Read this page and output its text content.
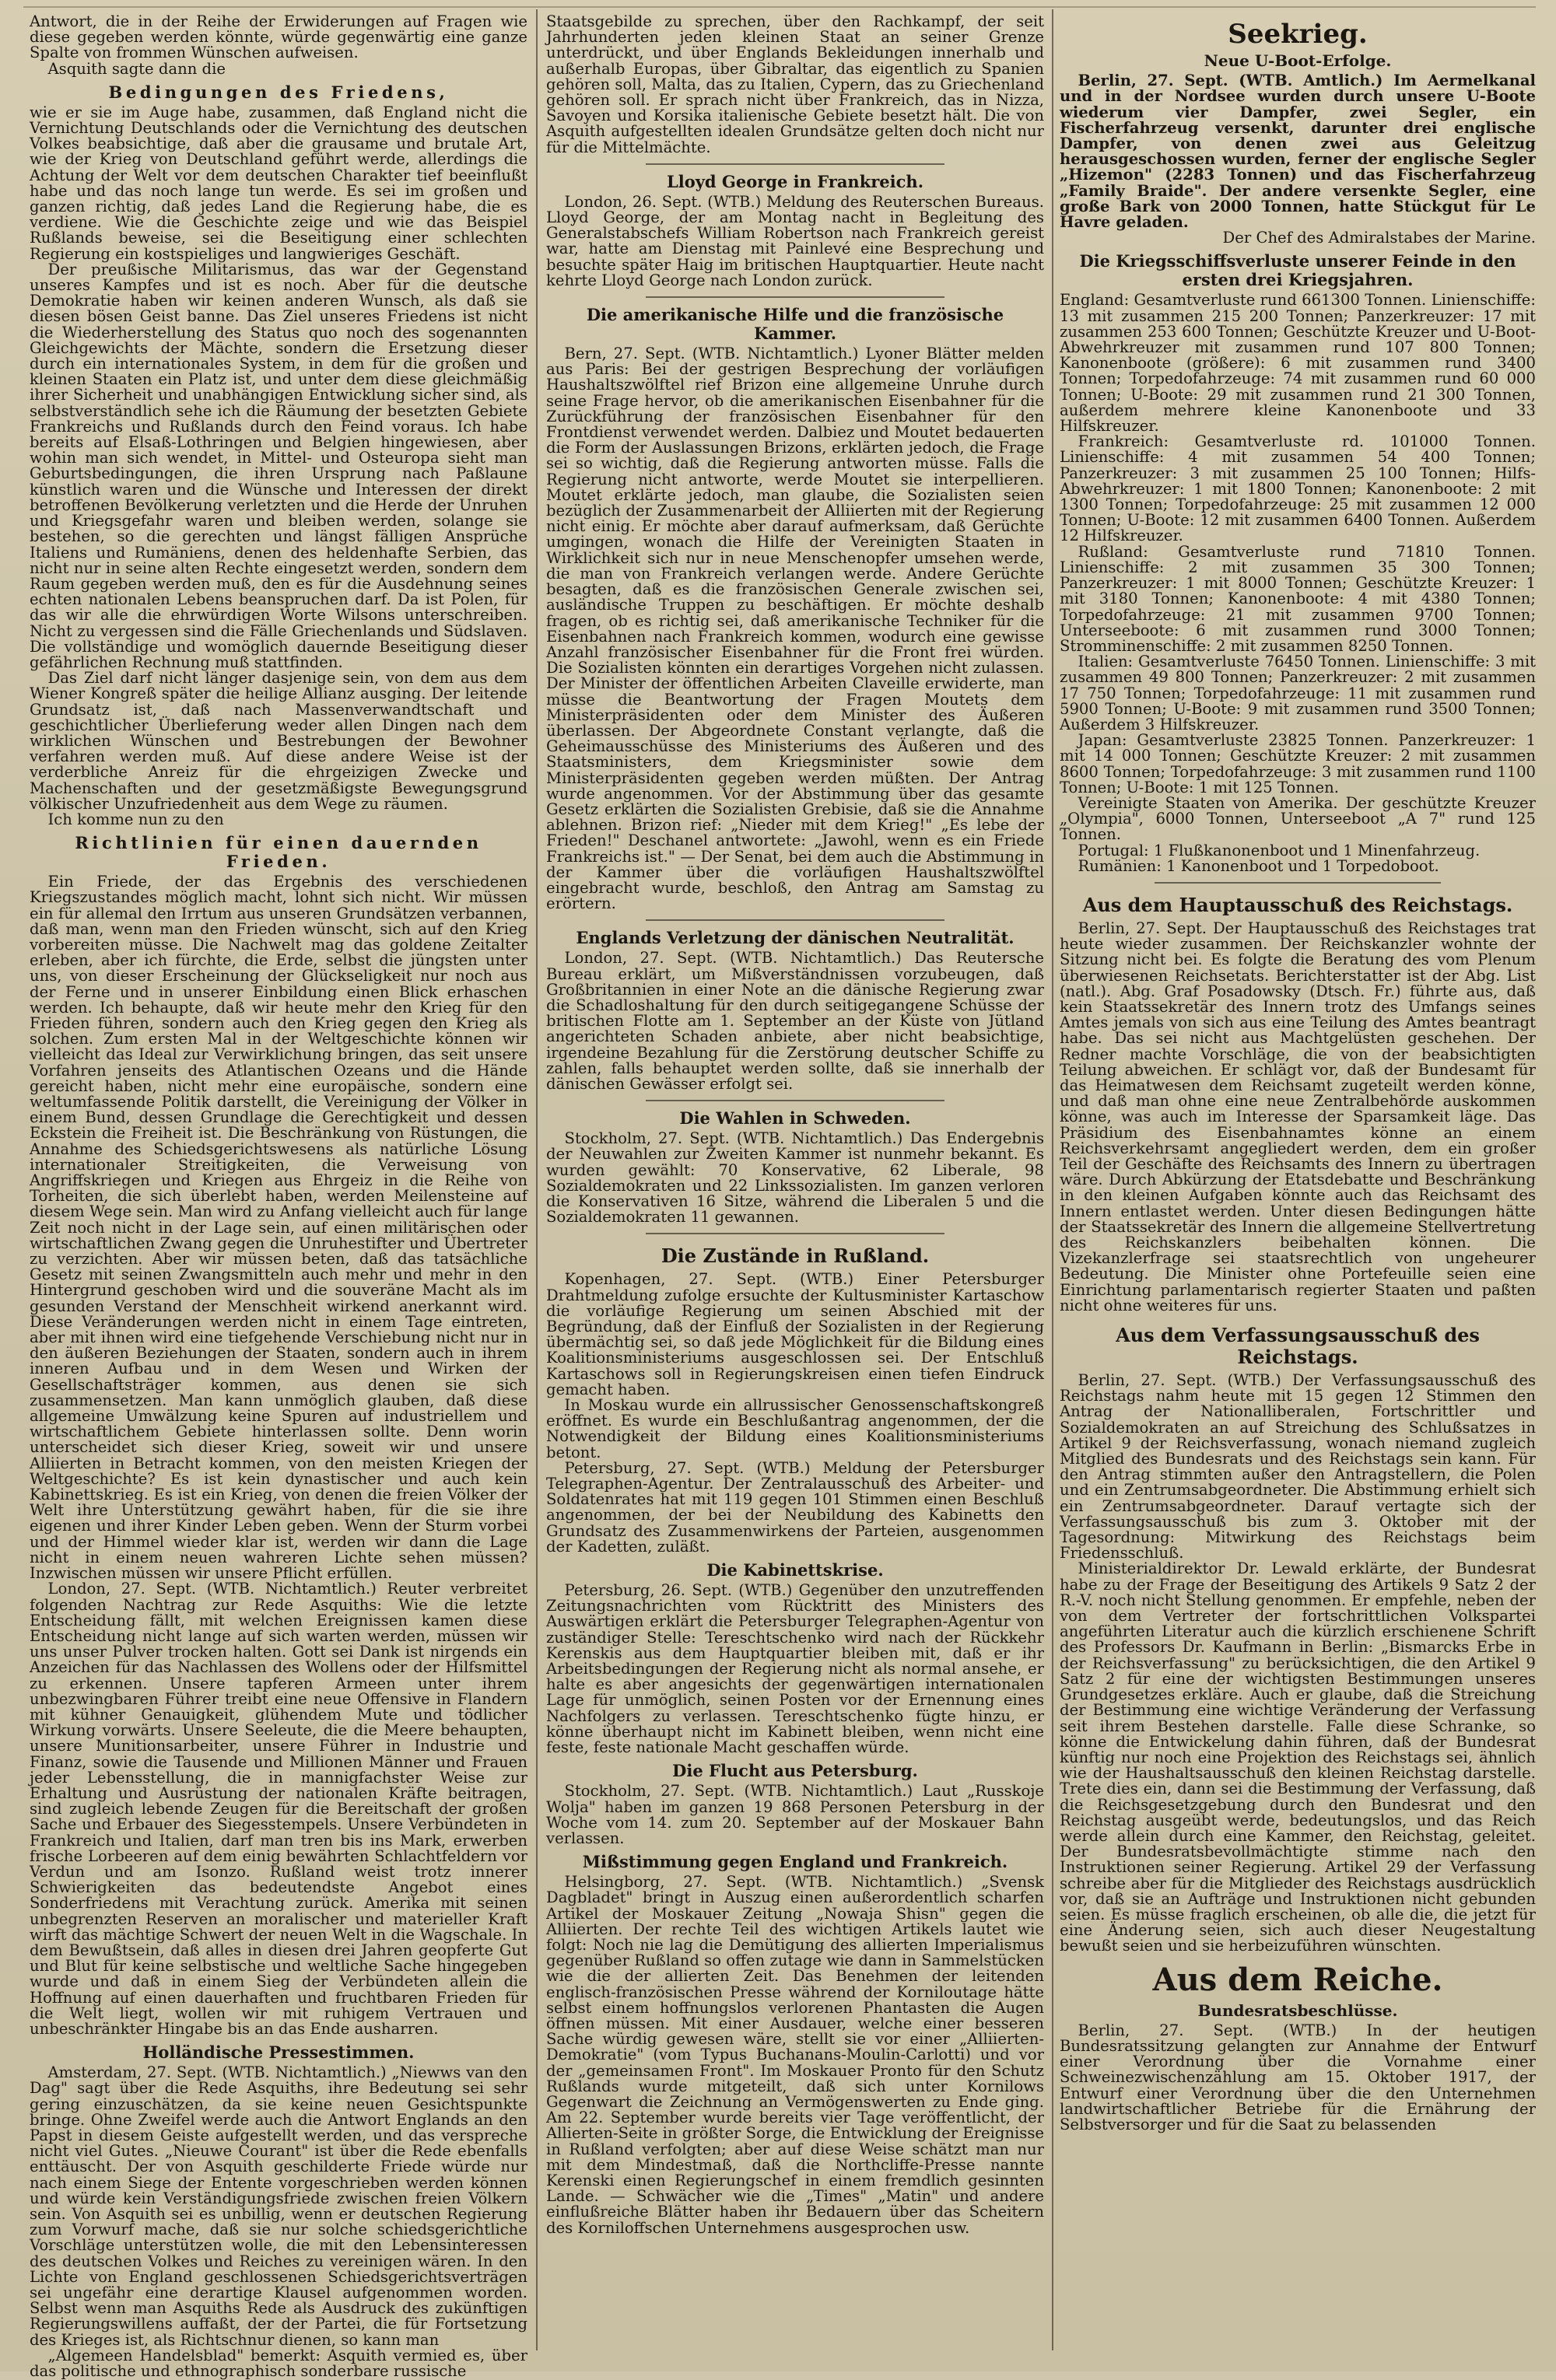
Antwort, die in der Reihe der Erwiderungen auf Fragen wie diese gegeben werden könnte, würde gegenwärtig eine ganze Spalte von frommen Wünschen aufweisen.

Asquith sagte dann die

Bedingungen des Friedens,

wie er sie im Auge habe, zusammen, daß England nicht die Vernichtung Deutschlands oder die Vernichtung des deutschen Volkes beabsichtige, daß aber die grausame und brutale Art, wie der Krieg von Deutschland geführt werde, allerdings die Achtung der Welt vor dem deutschen Charakter tief beeinflußt habe und das noch lange tun werde. Es sei im großen und ganzen richtig, daß jedes Land die Regierung habe, die es verdiene. Wie die Geschichte zeige und wie das Beispiel Rußlands beweise, sei die Beseitigung einer schlechten Regierung ein kostspieliges und langwieriges Geschäft.

Der preußische Militarismus, das war der Gegenstand unseres Kampfes und ist es noch. Aber für die deutsche Demokratie haben wir keinen anderen Wunsch, als daß sie diesen bösen Geist banne. Das Ziel unseres Friedens ist nicht die Wiederherstellung des Status quo noch des sogenannten Gleichgewichts der Mächte, sondern die Ersetzung dieser durch ein internationales System, in dem für die großen und kleinen Staaten ein Platz ist, und unter dem diese gleichmäßig ihrer Sicherheit und unabhängigen Entwicklung sicher sind, als selbstverständlich sehe ich die Räumung der besetzten Gebiete Frankreichs und Rußlands durch den Feind voraus. Ich habe bereits auf Elsaß-Lothringen und Belgien hingewiesen, aber wohin man sich wendet, in Mittel- und Osteuropa sieht man Geburtsbedingungen, die ihren Ursprung nach Paßlaune künstlich waren und die Wünsche und Interessen der direkt betroffenen Bevölkerung verletzten und die Herde der Unruhen und Kriegsgefahr waren und bleiben werden, solange sie bestehen, so die gerechten und längst fälligen Ansprüche Italiens und Rumäniens, denen des heldenhafte Serbien, das nicht nur in seine alten Rechte eingesetzt werden, sondern dem Raum gegeben werden muß, den es für die Ausdehnung seines echten nationalen Lebens beanspruchen darf. Da ist Polen, für das wir alle die ehrwürdigen Worte Wilsons unterschreiben. Nicht zu vergessen sind die Fälle Griechenlands und Südslaven. Die vollständige und womöglich dauernde Beseitigung dieser gefährlichen Rechnung muß stattfinden.

Das Ziel darf nicht länger dasjenige sein, von dem aus dem Wiener Kongreß später die heilige Allianz ausging. Der leitende Grundsatz ist, daß nach Massenverwandtschaft und geschichtlicher Überlieferung weder allen Dingen nach dem wirklichen Wünschen und Bestrebungen der Bewohner verfahren werden muß. Auf diese andere Weise ist der verderbliche Anreiz für die ehrgeizigen Zwecke und Machenschaften und der gesetzmäßigste Bewegungsgrund völkischer Unzufriedenheit aus dem Wege zu räumen.

Ich komme nun zu den

Richtlinien für einen dauernden Frieden.

Ein Friede, der das Ergebnis des verschiedenen Kriegszustandes möglich macht, lohnt sich nicht. Wir müssen ein für allemal den Irrtum aus unseren Grundsätzen verbannen, daß man, wenn man den Frieden wünscht, sich auf den Krieg vorbereiten müsse. Die Nachwelt mag das goldene Zeitalter erleben, aber ich fürchte, die Erde, selbst die jüngsten unter uns, von dieser Erscheinung der Glückseligkeit nur noch aus der Ferne und in unserer Einbildung einen Blick erhaschen werden. Ich behaupte, daß wir heute mehr den Krieg für den Frieden führen, sondern auch den Krieg gegen den Krieg als solchen. Zum ersten Mal in der Weltgeschichte können wir vielleicht das Ideal zur Verwirklichung bringen, das seit unsere Vorfahren jenseits des Atlantischen Ozeans und die Hände gereicht haben, nicht mehr eine europäische, sondern eine weltumfassende Politik darstellt, die Vereinigung der Völker in einem Bund, dessen Grundlage die Gerechtigkeit und dessen Eckstein die Freiheit ist. Die Beschränkung von Rüstungen, die Annahme des Schiedsgerichtswesens als natürliche Lösung internationaler Streitigkeiten, die Verweisung von Angriffskriegen und Kriegen aus Ehrgeiz in die Reihe von Torheiten, die sich überlebt haben, werden Meilensteine auf diesem Wege sein. Man wird zu Anfang vielleicht auch für lange Zeit noch nicht in der Lage sein, auf einen militärischen oder wirtschaftlichen Zwang gegen die Unruhestifter und Übertreter zu verzichten. Aber wir müssen beten, daß das tatsächliche Gesetz mit seinen Zwangsmitteln auch mehr und mehr in den Hintergrund geschoben wird und die souveräne Macht als im gesunden Verstand der Menschheit wirkend anerkannt wird. Diese Veränderungen werden nicht in einem Tage eintreten, aber mit ihnen wird eine tiefgehende Verschiebung nicht nur in den äußeren Beziehungen der Staaten, sondern auch in ihrem inneren Aufbau und in dem Wesen und Wirken der Gesellschaftsträger kommen, aus denen sie sich zusammensetzen. Man kann unmöglich glauben, daß diese allgemeine Umwälzung keine Spuren auf industriellem und wirtschaftlichem Gebiete hinterlassen sollte. Denn worin unterscheidet sich dieser Krieg, soweit wir und unsere Alliierten in Betracht kommen, von den meisten Kriegen der Weltgeschichte? Es ist kein dynastischer und auch kein Kabinettskrieg. Es ist ein Krieg, von denen die freien Völker der Welt ihre Unterstützung gewährt haben, für die sie ihre eigenen und ihrer Kinder Leben geben. Wenn der Sturm vorbei und der Himmel wieder klar ist, werden wir dann die Lage nicht in einem neuen wahreren Lichte sehen müssen? Inzwischen müssen wir unsere Pflicht erfüllen.

London, 27. Sept. (WTB. Nichtamtlich.) Reuter verbreitet folgenden Nachtrag zur Rede Asquiths: Wie die letzte Entscheidung fällt, mit welchen Ereignissen kamen diese Entscheidung nicht lange auf sich warten werden, müssen wir uns unser Pulver trocken halten. Gott sei Dank ist nirgends ein Anzeichen für das Nachlassen des Wollens oder der Hilfsmittel zu erkennen. Unsere tapferen Armeen unter ihrem unbezwingbaren Führer treibt eine neue Offensive in Flandern mit kühner Genauigkeit, glühendem Mute und tödlicher Wirkung vorwärts. Unsere Seeleute, die die Meere behaupten, unsere Munitionsarbeiter, unsere Führer in Industrie und Finanz, sowie die Tausende und Millionen Männer und Frauen jeder Lebensstellung, die in mannigfachster Weise zur Erhaltung und Ausrüstung der nationalen Kräfte beitragen, sind zugleich lebende Zeugen für die Bereitschaft der großen Sache und Erbauer des Siegesstempels. Unsere Verbündeten in Frankreich und Italien, darf man tren bis ins Mark, erwerben frische Lorbeeren auf dem einig bewährten Schlachtfeldern vor Verdun und am Isonzo. Rußland weist trotz innerer Schwierigkeiten das bedeutendste Angebot eines Sonderfriedens mit Verachtung zurück. Amerika mit seinen unbegrenzten Reserven an moralischer und materieller Kraft wirft das mächtige Schwert der neuen Welt in die Wagschale. In dem Bewußtsein, daß alles in diesen drei Jahren geopferte Gut und Blut für keine selbstische und weltliche Sache hingegeben wurde und daß in einem Sieg der Verbündeten allein die Hoffnung auf einen dauerhaften und fruchtbaren Frieden für die Welt liegt, wollen wir mit ruhigem Vertrauen und unbeschränkter Hingabe bis an das Ende ausharren.

Holländische Pressestimmen.

Amsterdam, 27. Sept. (WTB. Nichtamtlich.) „Niewws van den Dag" sagt über die Rede Asquiths, ihre Bedeutung sei sehr gering einzuschätzen, da sie keine neuen Gesichtspunkte bringe. Ohne Zweifel werde auch die Antwort Englands an den Papst in diesem Geiste aufgestellt werden, und das verspreche nicht viel Gutes. „Nieuwe Courant" ist über die Rede ebenfalls enttäuscht. Der von Asquith geschilderte Friede würde nur nach einem Siege der Entente vorgeschrieben werden können und würde kein Verständigungsfriede zwischen freien Völkern sein. Von Asquith sei es unbillig, wenn er deutschen Regierung zum Vorwurf mache, daß sie nur solche schiedsgerichtliche Vorschläge unterstützen wolle, die mit den Lebensinteressen des deutschen Volkes und Reiches zu vereinigen wären. In den Lichte von England geschlossenen Schiedsgerichtsverträgen sei ungefähr eine derartige Klausel aufgenommen worden. Selbst wenn man Asquiths Rede als Ausdruck des zukünftigen Regierungswillens auffaßt, der der Partei, die für Fortsetzung des Krieges ist, als Richtschnur dienen, so kann man

„Algemeen Handelsblad" bemerkt: Asquith vermied es, über das politische und ethnographisch sonderbare russische

Staatsgebilde zu sprechen, über den Rachkampf, der seit Jahrhunderten jeden kleinen Staat an seiner Grenze unterdrückt, und über Englands Bekleidungen innerhalb und außerhalb Europas, über Gibraltar, das eigentlich zu Spanien gehören soll, Malta, das zu Italien, Cypern, das zu Griechenland gehören soll. Er sprach nicht über Frankreich, das in Nizza, Savoyen und Korsika italienische Gebiete besetzt hält. Die von Asquith aufgestellten idealen Grundsätze gelten doch nicht nur für die Mittelmächte.

Lloyd George in Frankreich.

London, 26. Sept. (WTB.) Meldung des Reuterschen Bureaus. Lloyd George, der am Montag nacht in Begleitung des Generalstabschefs William Robertson nach Frankreich gereist war, hatte am Dienstag mit Painlevé eine Besprechung und besuchte später Haig im britischen Hauptquartier. Heute nacht kehrte Lloyd George nach London zurück.

Die amerikanische Hilfe und die französische Kammer.

Bern, 27. Sept. (WTB. Nichtamtlich.) Lyoner Blätter melden aus Paris: Bei der gestrigen Besprechung der vorläufigen Haushaltszwölftel rief Brizon eine allgemeine Unruhe durch seine Frage hervor, ob die amerikanischen Eisenbahner für die Zurückführung der französischen Eisenbahner für den Frontdienst verwendet werden. Dalbiez und Moutet bedauerten die Form der Auslassungen Brizons, erklärten jedoch, die Frage sei so wichtig, daß die Regierung antworten müsse. Falls die Regierung nicht antworte, werde Moutet sie interpellieren. Moutet erklärte jedoch, man glaube, die Sozialisten seien bezüglich der Zusammenarbeit der Alliierten mit der Regierung nicht einig. Er möchte aber darauf aufmerksam, daß Gerüchte umgingen, wonach die Hilfe der Vereinigten Staaten in Wirklichkeit sich nur in neue Menschenopfer umsehen werde, die man von Frankreich verlangen werde. Andere Gerüchte besagten, daß es die französischen Generale zwischen sei, ausländische Truppen zu beschäftigen. Er möchte deshalb fragen, ob es richtig sei, daß amerikanische Techniker für die Eisenbahnen nach Frankreich kommen, wodurch eine gewisse Anzahl französischer Eisenbahner für die Front frei würden. Die Sozialisten könnten ein derartiges Vorgehen nicht zulassen. Der Minister der öffentlichen Arbeiten Claveille erwiderte, man müsse die Beantwortung der Fragen Moutets dem Ministerpräsidenten oder dem Minister des Äußeren überlassen. Der Abgeordnete Constant verlangte, daß die Geheimausschüsse des Ministeriums des Äußeren und des Staatsministers, dem Kriegsminister sowie dem Ministerpräsidenten gegeben werden müßten. Der Antrag wurde angenommen. Vor der Abstimmung über das gesamte Gesetz erklärten die Sozialisten Grebisie, daß sie die Annahme ablehnen. Brizon rief: „Nieder mit dem Krieg!" „Es lebe der Frieden!" Deschanel antwortete: „Jawohl, wenn es ein Friede Frankreichs ist." — Der Senat, bei dem auch die Abstimmung in der Kammer über die vorläufigen Haushaltszwölftel eingebracht wurde, beschloß, den Antrag am Samstag zu erörtern.

Englands Verletzung der dänischen Neutralität.

London, 27. Sept. (WTB. Nichtamtlich.) Das Reutersche Bureau erklärt, um Mißverständnissen vorzubeugen, daß Großbritannien in einer Note an die dänische Regierung zwar die Schadloshaltung für den durch seitigegangene Schüsse der britischen Flotte am 1. September an der Küste von Jütland angerichteten Schaden anbiete, aber nicht beabsichtige, irgendeine Bezahlung für die Zerstörung deutscher Schiffe zu zahlen, falls behauptet werden sollte, daß sie innerhalb der dänischen Gewässer erfolgt sei.

Die Wahlen in Schweden.

Stockholm, 27. Sept. (WTB. Nichtamtlich.) Das Endergebnis der Neuwahlen zur Zweiten Kammer ist nunmehr bekannt. Es wurden gewählt: 70 Konservative, 62 Liberale, 98 Sozialdemokraten und 22 Linkssozialisten. Im ganzen verloren die Konservativen 16 Sitze, während die Liberalen 5 und die Sozialdemokraten 11 gewannen.

Die Zustände in Rußland.

Kopenhagen, 27. Sept. (WTB.) Einer Petersburger Drahtmeldung zufolge ersuchte der Kultusminister Kartaschow die vorläufige Regierung um seinen Abschied mit der Begründung, daß der Einfluß der Sozialisten in der Regierung übermächtig sei, so daß jede Möglichkeit für die Bildung eines Koalitionsministeriums ausgeschlossen sei. Der Entschluß Kartaschows soll in Regierungskreisen einen tiefen Eindruck gemacht haben.

In Moskau wurde ein allrussischer Genossenschaftskongreß eröffnet. Es wurde ein Beschlußantrag angenommen, der die Notwendigkeit der Bildung eines Koalitionsministeriums betont.

Petersburg, 27. Sept. (WTB.) Meldung der Petersburger Telegraphen-Agentur. Der Zentralausschuß des Arbeiter- und Soldatenrates hat mit 119 gegen 101 Stimmen einen Beschluß angenommen, der bei der Neubildung des Kabinetts den Grundsatz des Zusammenwirkens der Parteien, ausgenommen der Kadetten, zuläßt.

Die Kabinettskrise.

Petersburg, 26. Sept. (WTB.) Gegenüber den unzutreffenden Zeitungsnachrichten vom Rücktritt des Ministers des Auswärtigen erklärt die Petersburger Telegraphen-Agentur von zuständiger Stelle: Tereschtschenko wird nach der Rückkehr Kerenskis aus dem Hauptquartier bleiben mit, daß er ihr Arbeitsbedingungen der Regierung nicht als normal ansehe, er halte es aber angesichts der gegenwärtigen internationalen Lage für unmöglich, seinen Posten vor der Ernennung eines Nachfolgers zu verlassen. Tereschtschenko fügte hinzu, er könne überhaupt nicht im Kabinett bleiben, wenn nicht eine feste, feste nationale Macht geschaffen würde.

Die Flucht aus Petersburg.

Stockholm, 27. Sept. (WTB. Nichtamtlich.) Laut „Russkoje Wolja" haben im ganzen 19 868 Personen Petersburg in der Woche vom 14. zum 20. September auf der Moskauer Bahn verlassen.

Mißstimmung gegen England und Frankreich.

Helsingborg, 27. Sept. (WTB. Nichtamtlich.) „Svensk Dagbladet" bringt in Auszug einen außerordentlich scharfen Artikel der Moskauer Zeitung „Nowaja Shisn" gegen die Alliierten. Der rechte Teil des wichtigen Artikels lautet wie folgt: Noch nie lag die Demütigung des allierten Imperialismus gegenüber Rußland so offen zutage wie dann in Sammelstücken wie die der allierten Zeit. Das Benehmen der leitenden englisch-französischen Presse während der Korniloutage hätte selbst einem hoffnungslos verlorenen Phantasten die Augen öffnen müssen. Mit einer Ausdauer, welche einer besseren Sache würdig gewesen wäre, stellt sie vor einer „Alliierten-Demokratie" (vom Typus Buchanans-Moulin-Carlotti) und vor der „gemeinsamen Front". Im Moskauer Pronto für den Schutz Rußlands wurde mitgeteilt, daß sich unter Kornilows Gegenwart die Zeichnung an Vermögenswerten zu Ende ging. Am 22. September wurde bereits vier Tage veröffentlicht, der Allierten-Seite in größter Sorge, die Entwicklung der Ereignisse in Rußland verfolgten; aber auf diese Weise schätzt man nur mit dem Mindestmaß, daß die Northcliffe-Presse nannte Kerenski einen Regierungschef in einem fremdlich gesinnten Lande. — Schwächer wie die „Times" „Matin" und andere einflußreiche Blätter haben ihr Bedauern über das Scheitern des Korniloffschen Unternehmens ausgesprochen usw.

Seekrieg.
Neue U-Boot-Erfolge.

Berlin, 27. Sept. (WTB. Amtlich.) Im Aermelkanal und in der Nordsee wurden durch unsere U-Boote wiederum vier Dampfer, zwei Segler, ein Fischerfahrzeug versenkt, darunter drei englische Dampfer, von denen zwei aus Geleitzug herausgeschossen wurden, ferner der englische Segler „Hizemon" (2283 Tonnen) und das Fischerfahrzeug „Family Braide". Der andere versenkte Segler, eine große Bark von 2000 Tonnen, hatte Stückgut für Le Havre geladen.

Der Chef des Admiralstabes der Marine.

Die Kriegsschiffsverluste unserer Feinde in den ersten drei Kriegsjahren.

England: Gesamtverluste rund 661300 Tonnen. Linienschiffe: 13 mit zusammen 215 200 Tonnen; Panzerkreuzer: 17 mit zusammen 253 600 Tonnen; Geschützte Kreuzer und U-Boot-Abwehrkreuzer mit zusammen rund 107 800 Tonnen; Kanonenboote (größere): 6 mit zusammen rund 3400 Tonnen; Torpedofahrzeuge: 74 mit zusammen rund 60 000 Tonnen; U-Boote: 29 mit zusammen rund 21 300 Tonnen, außerdem mehrere kleine Kanonenboote und 33 Hilfskreuzer.

Frankreich: Gesamtverluste rd. 101000 Tonnen. Linienschiffe: 4 mit zusammen 54 400 Tonnen; Panzerkreuzer: 3 mit zusammen 25 100 Tonnen; Hilfs-Abwehrkreuzer: 1 mit 1800 Tonnen; Kanonenboote: 2 mit 1300 Tonnen; Torpedofahrzeuge: 25 mit zusammen 12 000 Tonnen; U-Boote: 12 mit zusammen 6400 Tonnen. Außerdem 12 Hilfskreuzer.

Rußland: Gesamtverluste rund 71810 Tonnen. Linienschiffe: 2 mit zusammen 35 300 Tonnen; Panzerkreuzer: 1 mit 8000 Tonnen; Geschützte Kreuzer: 1 mit 3180 Tonnen; Kanonenboote: 4 mit 4380 Tonnen; Torpedofahrzeuge: 21 mit zusammen 9700 Tonnen; Unterseeboote: 6 mit zusammen rund 3000 Tonnen; Stromminenschiffe: 2 mit zusammen 8250 Tonnen.

Italien: Gesamtverluste 76450 Tonnen. Linienschiffe: 3 mit zusammen 49 800 Tonnen; Panzerkreuzer: 2 mit zusammen 17 750 Tonnen; Torpedofahrzeuge: 11 mit zusammen rund 5900 Tonnen; U-Boote: 9 mit zusammen rund 3500 Tonnen; Außerdem 3 Hilfskreuzer.

Japan: Gesamtverluste 23825 Tonnen. Panzerkreuzer: 1 mit 14 000 Tonnen; Geschützte Kreuzer: 2 mit zusammen 8600 Tonnen; Torpedofahrzeuge: 3 mit zusammen rund 1100 Tonnen; U-Boote: 1 mit 125 Tonnen.

Vereinigte Staaten von Amerika. Der geschützte Kreuzer „Olympia", 6000 Tonnen, Unterseeboot „A 7" rund 125 Tonnen.

Portugal: 1 Flußkanonenboot und 1 Minenfahrzeug.

Rumänien: 1 Kanonenboot und 1 Torpedoboot.

Aus dem Hauptausschuß des Reichstags.

Berlin, 27. Sept. Der Hauptausschuß des Reichstages trat heute wieder zusammen. Der Reichskanzler wohnte der Sitzung nicht bei. Es folgte die Beratung des vom Plenum überwiesenen Reichsetats. Berichterstatter ist der Abg. List (natl.). Abg. Graf Posadowsky (Dtsch. Fr.) führte aus, daß kein Staatssekretär des Innern trotz des Umfangs seines Amtes jemals von sich aus eine Teilung des Amtes beantragt habe. Das sei nicht aus Machtgelüsten geschehen. Der Redner machte Vorschläge, die von der beabsichtigten Teilung abweichen. Er schlägt vor, daß der Bundesamt für das Heimatwesen dem Reichsamt zugeteilt werden könne, und daß man ohne eine neue Zentralbehörde auskommen könne, was auch im Interesse der Sparsamkeit läge. Das Präsidium des Eisenbahnamtes könne an einem Reichsverkehrsamt angegliedert werden, dem ein großer Teil der Geschäfte des Reichsamts des Innern zu übertragen wäre. Durch Abkürzung der Etatsdebatte und Beschränkung in den kleinen Aufgaben könnte auch das Reichsamt des Innern entlastet werden. Unter diesen Bedingungen hätte der Staatssekretär des Innern die allgemeine Stellvertretung des Reichskanzlers beibehalten können. Die Vizekanzlerfrage sei staatsrechtlich von ungeheurer Bedeutung. Die Minister ohne Portefeuille seien eine Einrichtung parlamentarisch regierter Staaten und paßten nicht ohne weiteres für uns.

Aus dem Verfassungsausschuß des Reichstags.

Berlin, 27. Sept. (WTB.) Der Verfassungsausschuß des Reichstags nahm heute mit 15 gegen 12 Stimmen den Antrag der Nationalliberalen, Fortschrittler und Sozialdemokraten an auf Streichung des Schlußsatzes in Artikel 9 der Reichsverfassung, wonach niemand zugleich Mitglied des Bundesrats und des Reichstags sein kann. Für den Antrag stimmten außer den Antragstellern, die Polen und ein Zentrumsabgeordneter. Die Abstimmung erhielt sich ein Zentrumsabgeordneter. Darauf vertagte sich der Verfassungsausschuß bis zum 3. Oktober mit der Tagesordnung: Mitwirkung des Reichstags beim Friedensschluß.

Ministerialdirektor Dr. Lewald erklärte, der Bundesrat habe zu der Frage der Beseitigung des Artikels 9 Satz 2 der R.-V. noch nicht Stellung genommen. Er empfehle, neben der von dem Vertreter der fortschrittlichen Volkspartei angeführten Literatur auch die kürzlich erschienene Schrift des Professors Dr. Kaufmann in Berlin: „Bismarcks Erbe in der Reichsverfassung" zu berücksichtigen, die den Artikel 9 Satz 2 für eine der wichtigsten Bestimmungen unseres Grundgesetzes erkläre. Auch er glaube, daß die Streichung der Bestimmung eine wichtige Veränderung der Verfassung seit ihrem Bestehen darstelle. Falle diese Schranke, so könne die Entwickelung dahin führen, daß der Bundesrat künftig nur noch eine Projektion des Reichstags sei, ähnlich wie der Haushaltsausschuß den kleinen Reichstag darstelle. Trete dies ein, dann sei die Bestimmung der Verfassung, daß die Reichsgesetzgebung durch den Bundesrat und den Reichstag ausgeübt werde, bedeutungslos, und das Reich werde allein durch eine Kammer, den Reichstag, geleitet. Der Bundesratsbevollmächtigte stimme nach den Instruktionen seiner Regierung. Artikel 29 der Verfassung schreibe aber für die Mitglieder des Reichstags ausdrücklich vor, daß sie an Aufträge und Instruktionen nicht gebunden seien. Es müsse fraglich erscheinen, ob alle die, die jetzt für eine Änderung seien, sich auch dieser Neugestaltung bewußt seien und sie herbeizuführen wünschten.

Aus dem Reiche.
Bundesratsbeschlüsse.

Berlin, 27. Sept. (WTB.) In der heutigen Bundesratssitzung gelangten zur Annahme der Entwurf einer Verordnung über die Vornahme einer Schweinezwischenzählung am 15. Oktober 1917, der Entwurf einer Verordnung über die den Unternehmen landwirtschaftlicher Betriebe für die Ernährung der Selbstversorger und für die Saat zu belassenden
